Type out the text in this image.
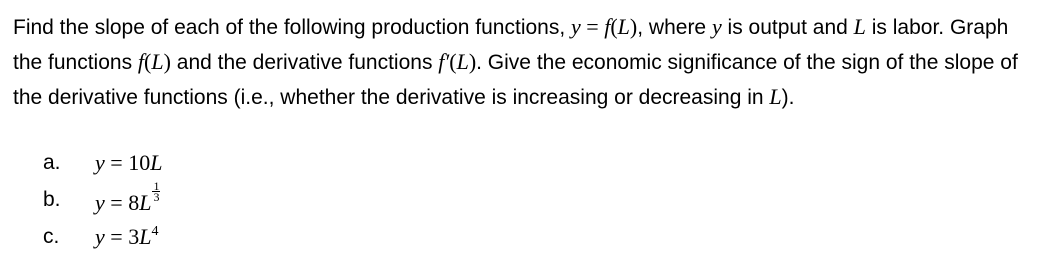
Find the slope of each of the following production functions, y = f(L), where y is output and L is labor. Graph the functions f(L) and the derivative functions f′(L). Give the economic significance of the sign of the slope of the derivative functions (i.e., whether the derivative is increasing or decreasing in L).

a. y = 10L
b. $y = 8L \frac{1}{3}$
c. $y = 3L^4$
